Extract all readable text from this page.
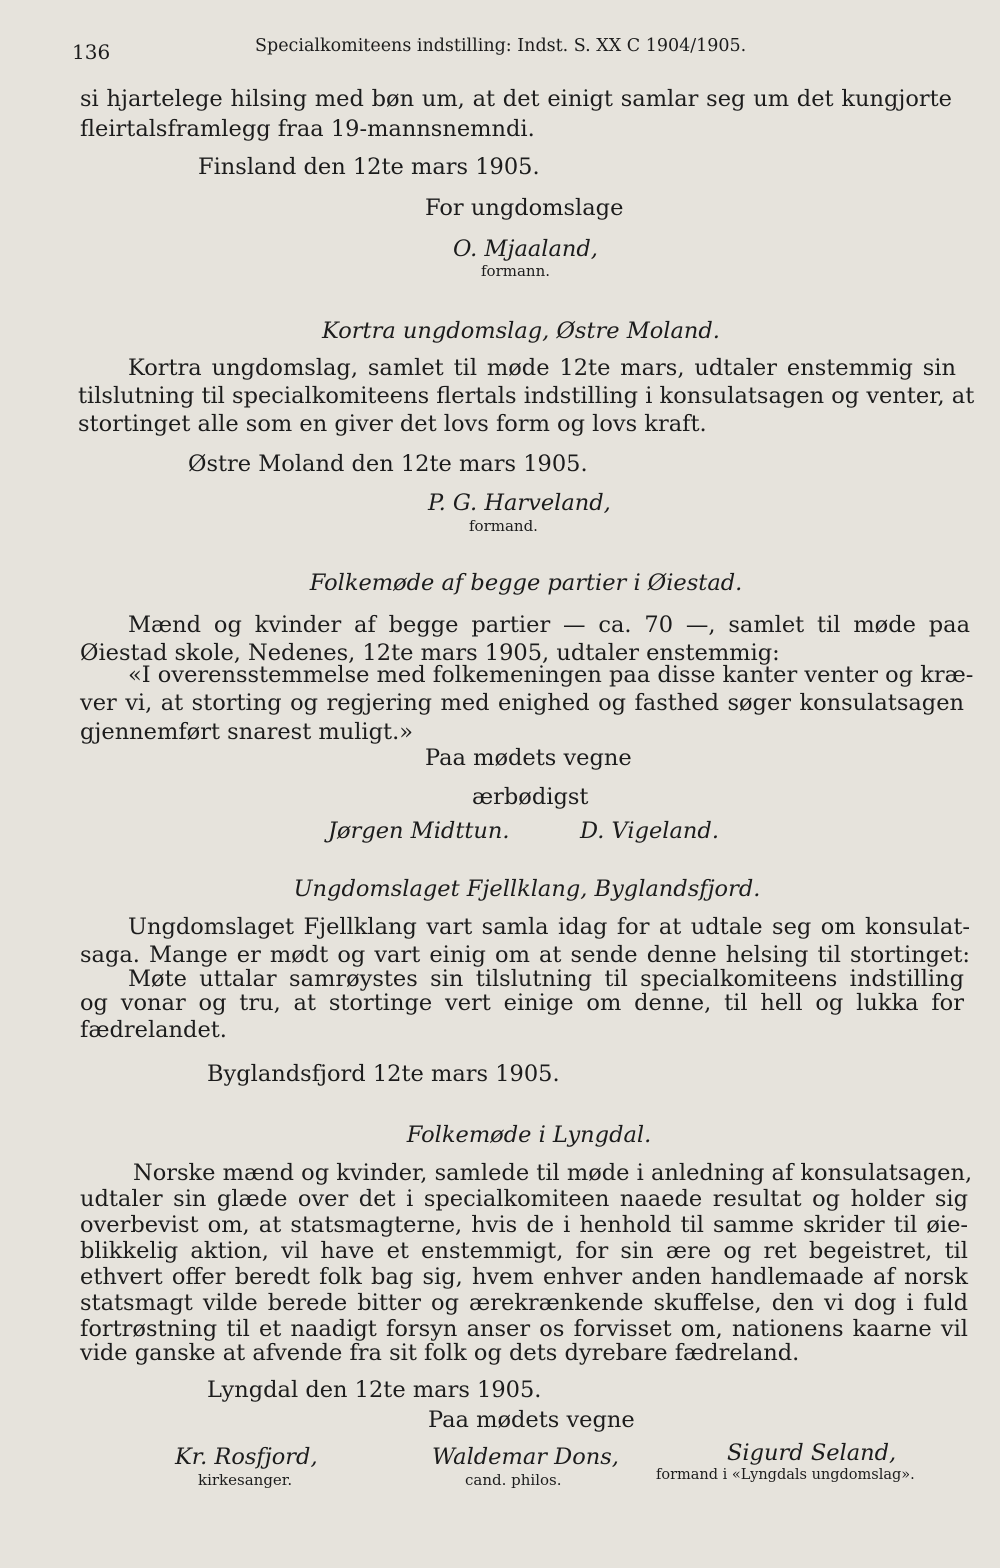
136	Specialkomiteens indstilling: Indst. S. XX C 1904/1905.
si hjartelege hilsing med bøn um, at det einigt samlar seg um det kungjorte
fleirtalsframlegg fraa 19-mannsnemndi.
Finsland den 12te mars 1905.
For ungdomslage
O. Mjaaland,
formann.
Kortra ungdomslag, Østre Moland.
Kortra ungdomslag, samlet til møde 12te mars, udtaler enstemmig sin
tilslutning til specialkomiteens flertals indstilling i konsulatsagen og venter, at
stortinget alle som en giver det lovs form og lovs kraft.
Østre Moland den 12te mars 1905.
P. G. Harveland,
formand.
Folkemøde af begge partier i Øiestad.
Mænd og kvinder af begge partier — ca. 70 —, samlet til møde paa
Øiestad skole, Nedenes, 12te mars 1905, udtaler enstemmig:
«I overensstemmelse med folkemeningen paa disse kanter venter og kræ-
ver vi, at storting og regjering med enighed og fasthed søger konsulatsagen
gjennemført snarest muligt.»
Paa mødets vegne
ærbødigst
Jørgen Midttun.	D. Vigeland.
Ungdomslaget Fjellklang, Byglandsfjord.
Ungdomslaget Fjellklang vart samla idag for at udtale seg om konsulat-
saga. Mange er mødt og vart einig om at sende denne helsing til stortinget:
Møte uttalar samrøystes sin tilslutning til specialkomiteens indstilling
og vonar og tru, at stortinge vert einige om denne, til hell og lukka for
fædrelandet.
Byglandsfjord 12te mars 1905.
Folkemøde i Lyngdal.
Norske mænd og kvinder, samlede til møde i anledning af konsulatsagen,
udtaler sin glæde over det i specialkomiteen naaede resultat og holder sig
overbevist om, at statsmagterne, hvis de i henhold til samme skrider til øie-
blikkelig aktion, vil have et enstemmigt, for sin ære og ret begeistret, til
ethvert offer beredt folk bag sig, hvem enhver anden handlemaade af norsk
statsmagt vilde berede bitter og ærekrænkende skuffelse, den vi dog i fuld
fortrøstning til et naadigt forsyn anser os forvisset om, nationens kaarne vil
vide ganske at afvende fra sit folk og dets dyrebare fædreland.
Lyngdal den 12te mars 1905.
Paa mødets vegne
Kr. Rosfjord,
kirkesanger.
Waldemar Dons,
cand. philos.
Sigurd Seland,
formand i «Lyngdals ungdomslag».
